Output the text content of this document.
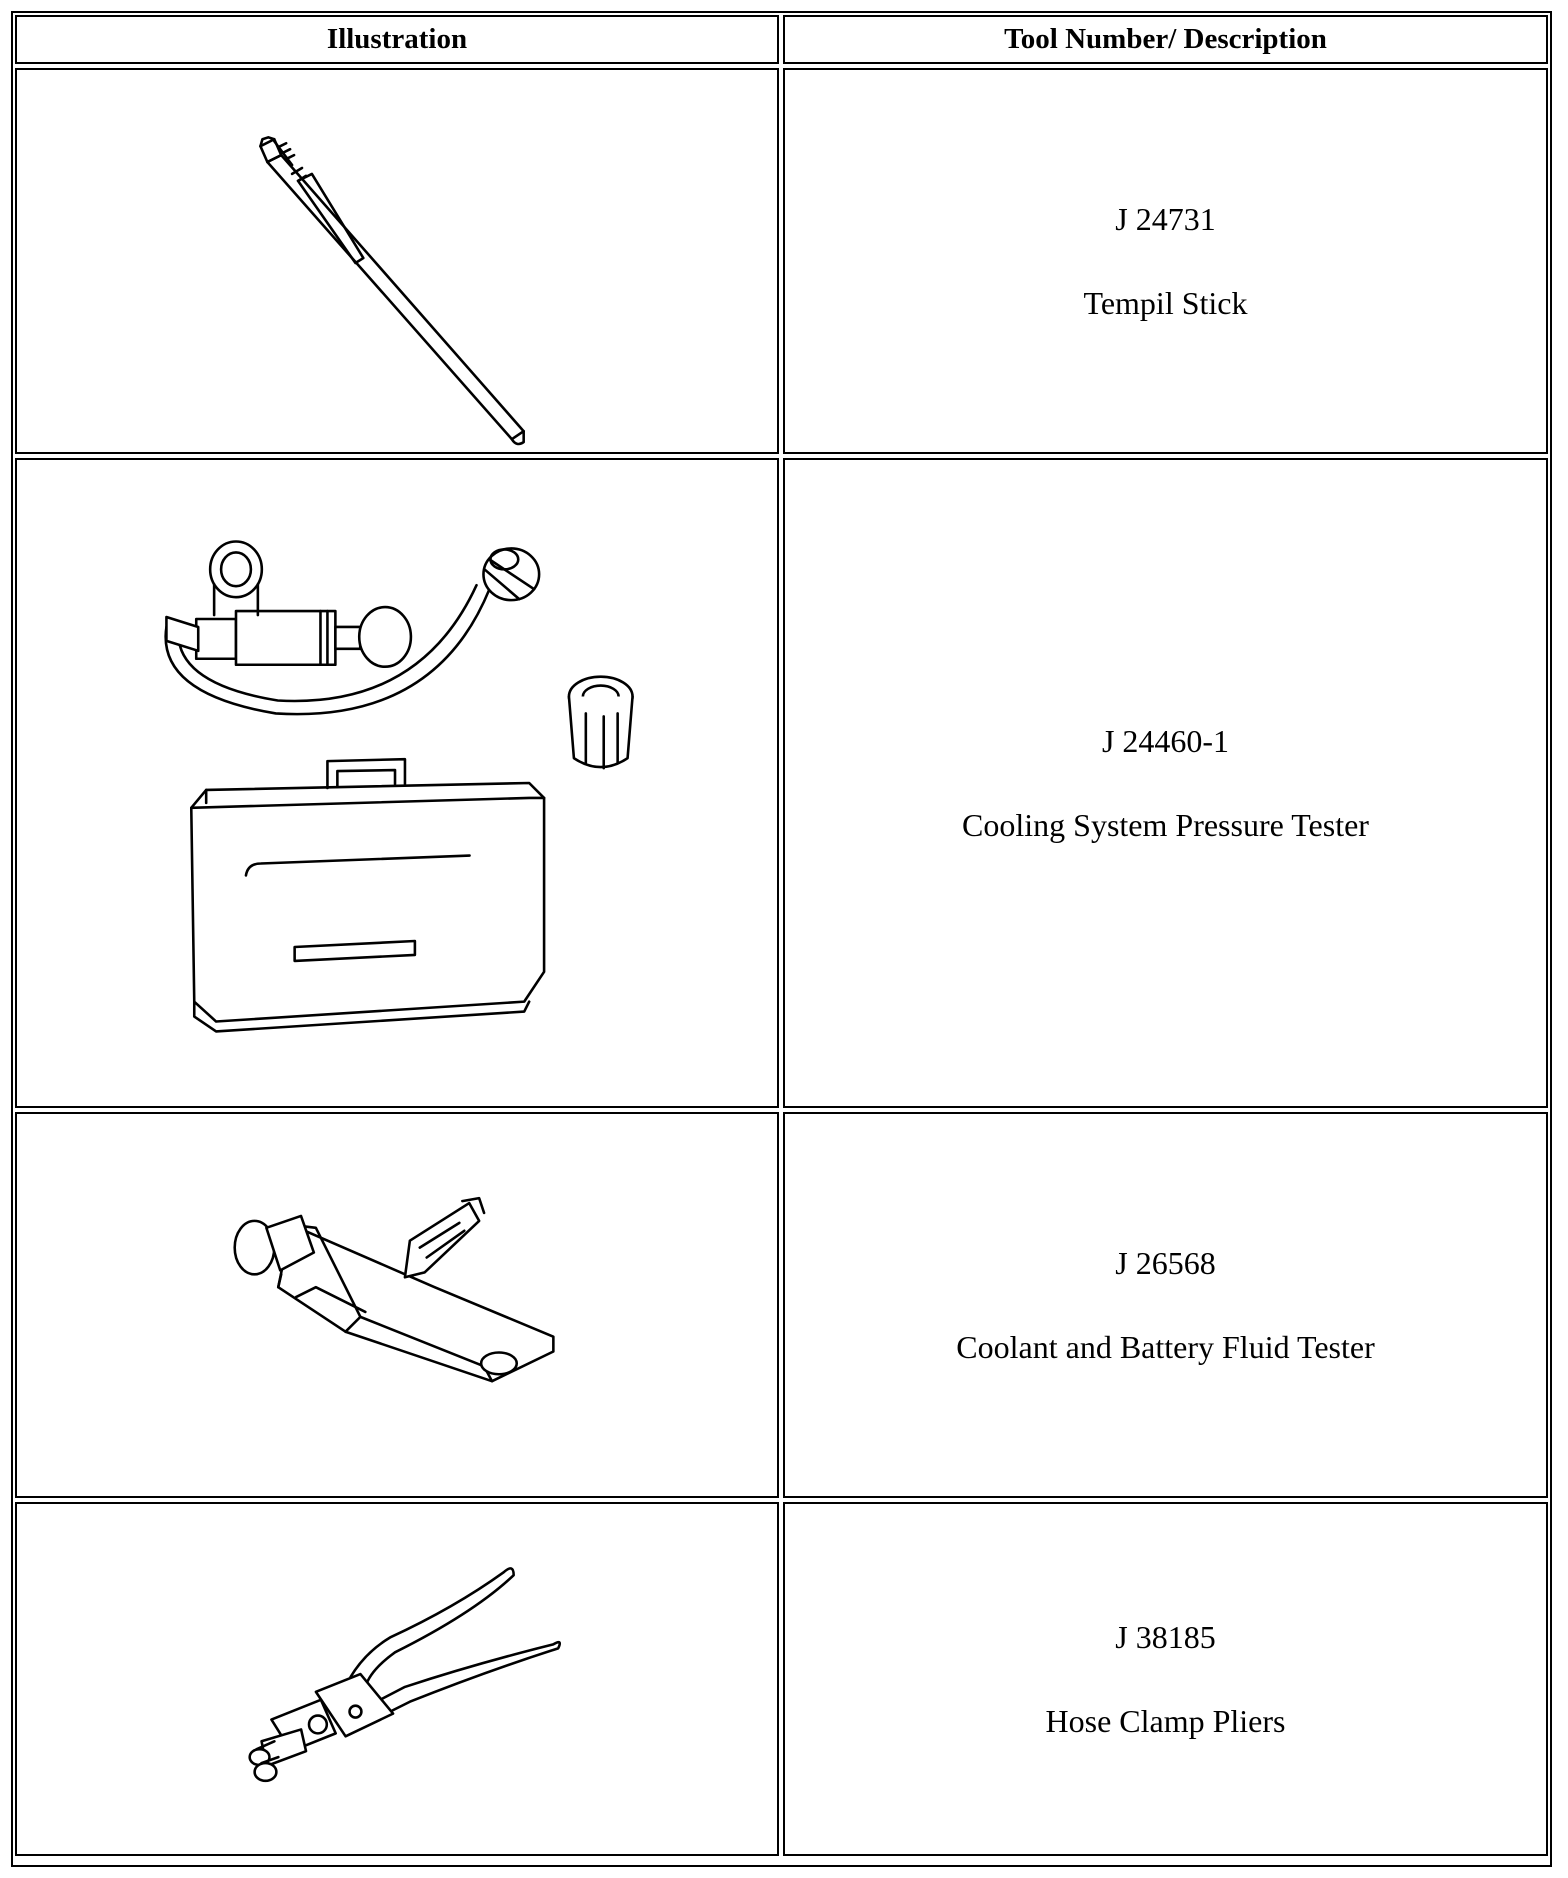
Illustration	Tool Number/ Description
J 24731
Tempil Stick
J 24460-1
Cooling System Pressure Tester
J 26568
Coolant and Battery Fluid Tester
J 38185
Hose Clamp Pliers
